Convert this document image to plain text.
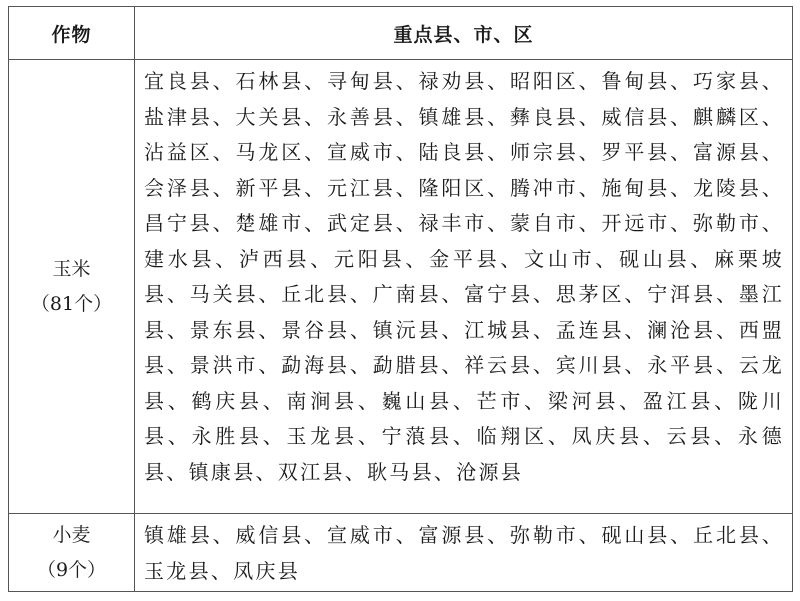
作物	重点县、市、区

玉米
（81个）	宜良县、石林县、寻甸县、禄劝县、昭阳区、鲁甸县、巧家县、盐津县、大关县、永善县、镇雄县、彝良县、威信县、麒麟区、沾益区、马龙区、宣威市、陆良县、师宗县、罗平县、富源县、会泽县、新平县、元江县、隆阳区、腾冲市、施甸县、龙陵县、昌宁县、楚雄市、武定县、禄丰市、蒙自市、开远市、弥勒市、建水县、泸西县、元阳县、金平县、文山市、砚山县、麻栗坡县、马关县、丘北县、广南县、富宁县、思茅区、宁洱县、墨江县、景东县、景谷县、镇沅县、江城县、孟连县、澜沧县、西盟县、景洪市、勐海县、勐腊县、祥云县、宾川县、永平县、云龙县、鹤庆县、南涧县、巍山县、芒市、梁河县、盈江县、陇川县、永胜县、玉龙县、宁蒗县、临翔区、凤庆县、云县、永德县、镇康县、双江县、耿马县、沧源县

小麦
（9个）	镇雄县、威信县、宣威市、富源县、弥勒市、砚山县、丘北县、玉龙县、凤庆县
